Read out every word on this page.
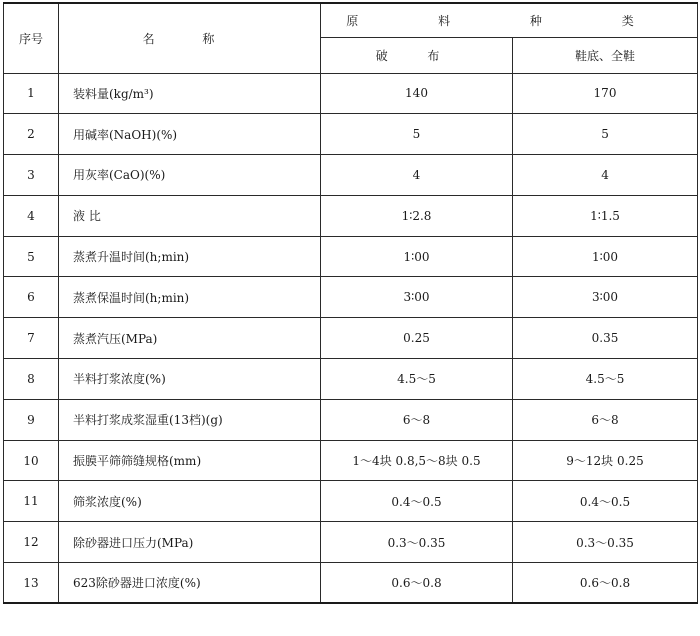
序号	名 称	原 料 种 类	
		破 布	鞋底、全鞋
1	装料量(kg/m³)	140	170
2	用碱率(NaOH)(%)	5	5
3	用灰率(CaO)(%)	4	4
4	液 比	1∶2.8	1∶1.5
5	蒸煮升温时间(h;min)	1∶00	1∶00
6	蒸煮保温时间(h;min)	3∶00	3∶00
7	蒸煮汽压(MPa)	0.25	0.35
8	半料打浆浓度(%)	4.5～5	4.5～5
9	半料打浆成浆湿重(13档)(g)	6～8	6～8
10	振膜平筛筛缝规格(mm)	1～4块 0.8,5～8块 0.5	9～12块 0.25
11	筛浆浓度(%)	0.4～0.5	0.4～0.5
12	除砂器进口压力(MPa)	0.3～0.35	0.3～0.35
13	623除砂器进口浓度(%)	0.6～0.8	0.6～0.8
